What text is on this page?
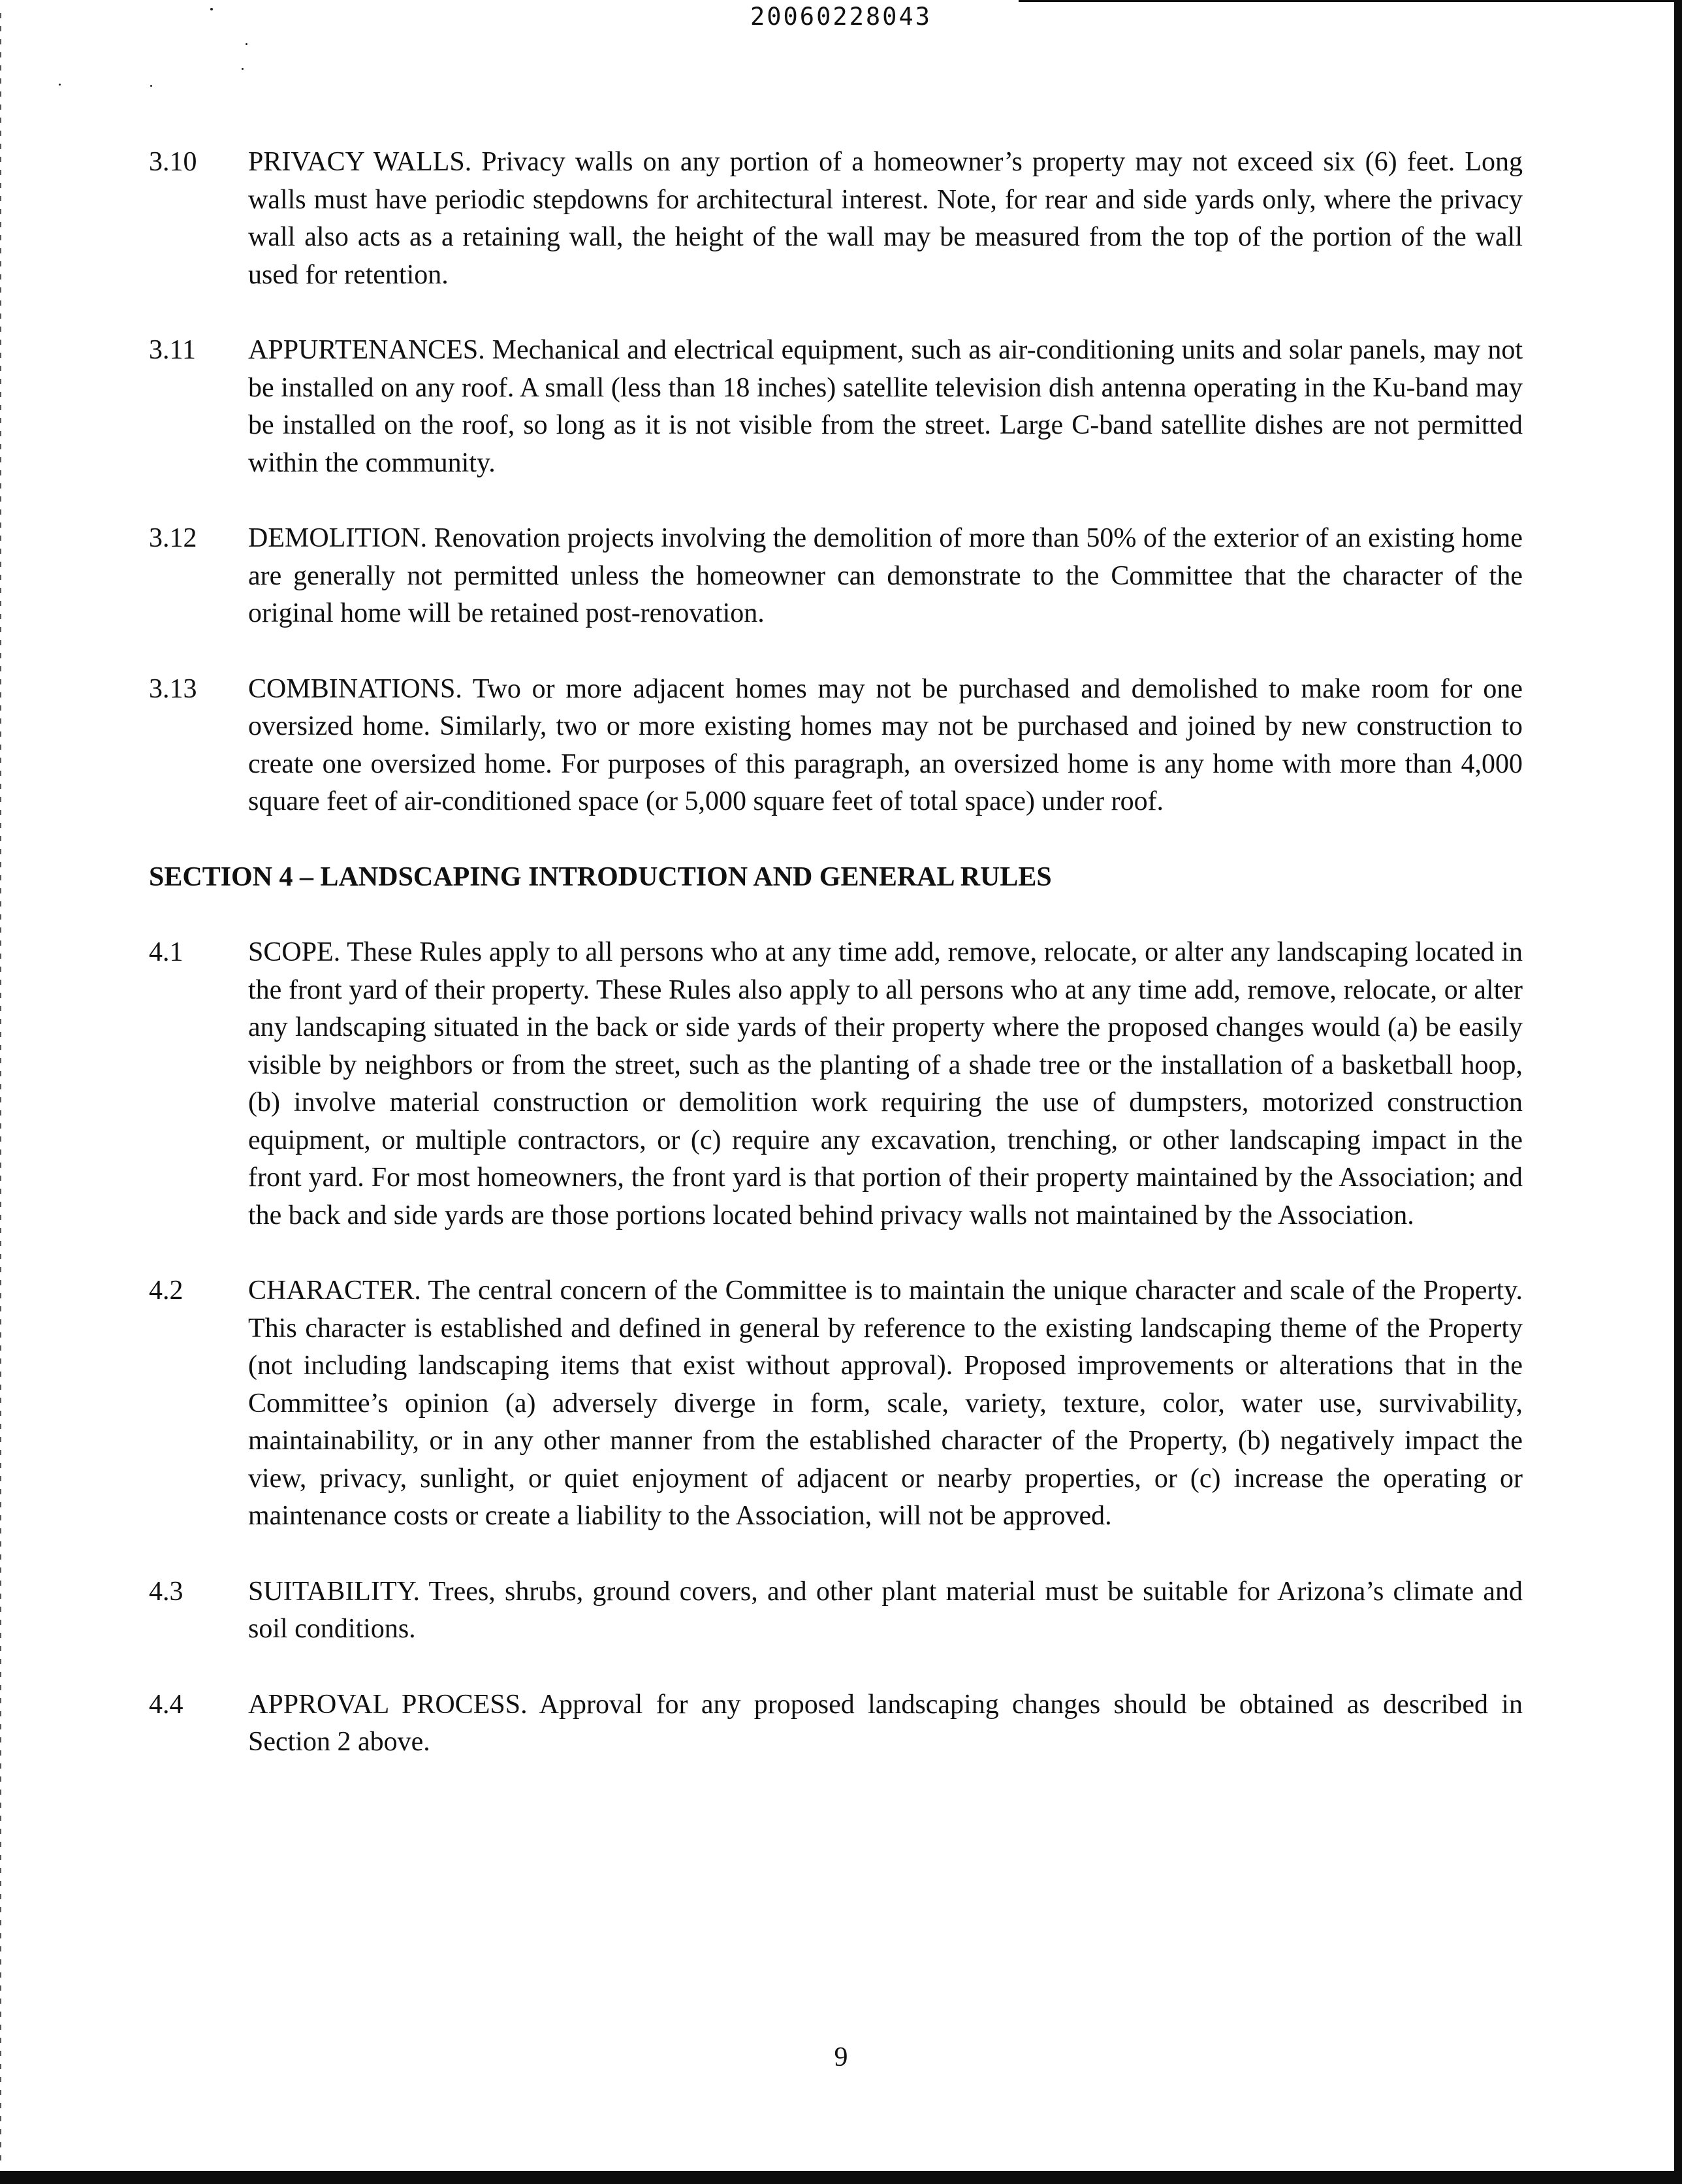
20060228043
3.10	PRIVACY WALLS. Privacy walls on any portion of a homeowner’s property may not exceed six (6) feet. Long walls must have periodic stepdowns for architectural interest. Note, for rear and side yards only, where the privacy wall also acts as a retaining wall, the height of the wall may be measured from the top of the portion of the wall used for retention.
3.11	APPURTENANCES. Mechanical and electrical equipment, such as air-conditioning units and solar panels, may not be installed on any roof. A small (less than 18 inches) satellite television dish antenna operating in the Ku-band may be installed on the roof, so long as it is not visible from the street. Large C-band satellite dishes are not permitted within the community.
3.12	DEMOLITION. Renovation projects involving the demolition of more than 50% of the exterior of an existing home are generally not permitted unless the homeowner can demonstrate to the Committee that the character of the original home will be retained post-renovation.
3.13	COMBINATIONS. Two or more adjacent homes may not be purchased and demolished to make room for one oversized home. Similarly, two or more existing homes may not be purchased and joined by new construction to create one oversized home. For purposes of this paragraph, an oversized home is any home with more than 4,000 square feet of air-conditioned space (or 5,000 square feet of total space) under roof.
SECTION 4 – LANDSCAPING INTRODUCTION AND GENERAL RULES
4.1	SCOPE. These Rules apply to all persons who at any time add, remove, relocate, or alter any landscaping located in the front yard of their property. These Rules also apply to all persons who at any time add, remove, relocate, or alter any landscaping situated in the back or side yards of their property where the proposed changes would (a) be easily visible by neighbors or from the street, such as the planting of a shade tree or the installation of a basketball hoop, (b) involve material construction or demolition work requiring the use of dumpsters, motorized construction equipment, or multiple contractors, or (c) require any excavation, trenching, or other landscaping impact in the front yard. For most homeowners, the front yard is that portion of their property maintained by the Association; and the back and side yards are those portions located behind privacy walls not maintained by the Association.
4.2	CHARACTER. The central concern of the Committee is to maintain the unique character and scale of the Property. This character is established and defined in general by reference to the existing landscaping theme of the Property (not including landscaping items that exist without approval). Proposed improvements or alterations that in the Committee’s opinion (a) adversely diverge in form, scale, variety, texture, color, water use, survivability, maintainability, or in any other manner from the established character of the Property, (b) negatively impact the view, privacy, sunlight, or quiet enjoyment of adjacent or nearby properties, or (c) increase the operating or maintenance costs or create a liability to the Association, will not be approved.
4.3	SUITABILITY. Trees, shrubs, ground covers, and other plant material must be suitable for Arizona’s climate and soil conditions.
4.4	APPROVAL PROCESS. Approval for any proposed landscaping changes should be obtained as described in Section 2 above.
9
